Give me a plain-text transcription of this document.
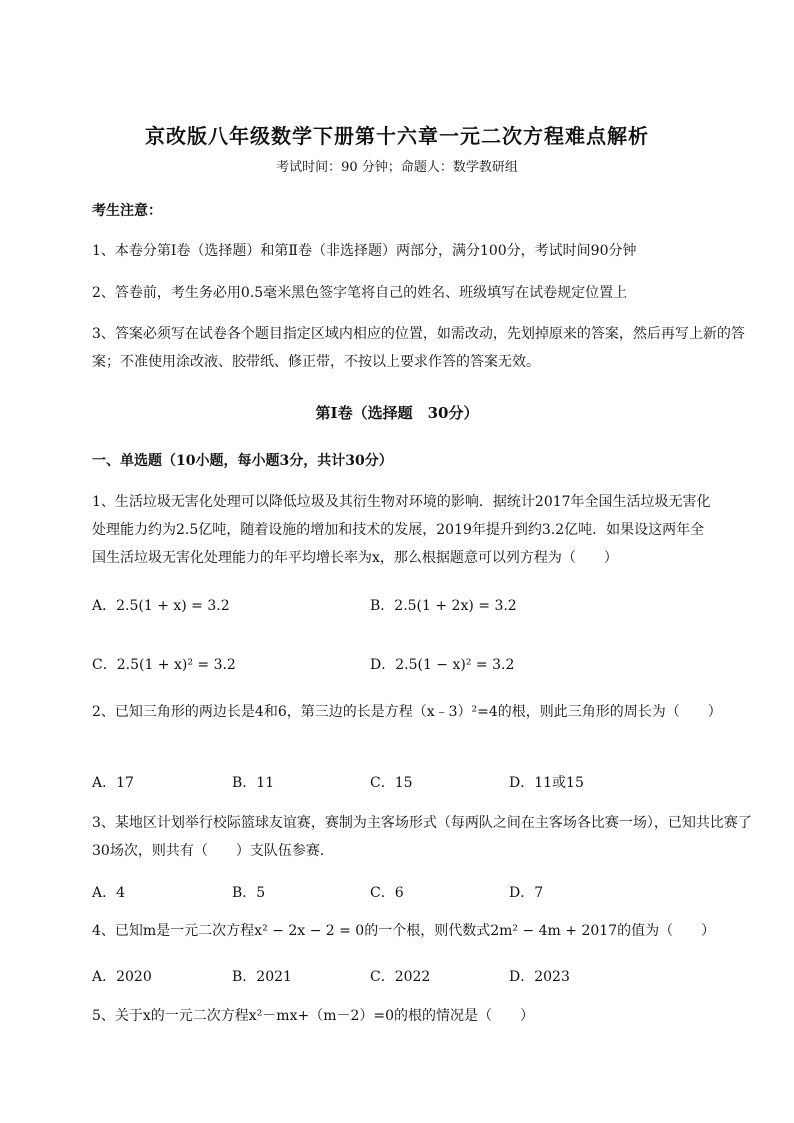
京改版八年级数学下册第十六章一元二次方程难点解析
考试时间：90 分钟；命题人：数学教研组
考生注意：
1、本卷分第Ⅰ卷（选择题）和第Ⅱ卷（非选择题）两部分，满分100分，考试时间90分钟
2、答卷前，考生务必用0.5毫米黑色签字笔将自己的姓名、班级填写在试卷规定位置上
3、答案必须写在试卷各个题目指定区域内相应的位置，如需改动，先划掉原来的答案，然后再写上新的答案；不准使用涂改液、胶带纸、修正带，不按以上要求作答的答案无效。
第Ⅰ卷（选择题　30分）
一、单选题（10小题，每小题3分，共计30分）
1、生活垃圾无害化处理可以降低垃圾及其衍生物对环境的影响．据统计2017年全国生活垃圾无害化处理能力约为2.5亿吨，随着设施的增加和技术的发展，2019年提升到约3.2亿吨．如果设这两年全国生活垃圾无害化处理能力的年平均增长率为x，那么根据题意可以列方程为（　　）
A．2.5(1 + x) = 3.2	B．2.5(1 + 2x) = 3.2
C．2.5(1 + x)² = 3.2	D．2.5(1 − x)² = 3.2
2、已知三角形的两边长是4和6，第三边的长是方程（x﹣3）²=4的根，则此三角形的周长为（　　）
A．17	B．11	C．15	D．11或15
3、某地区计划举行校际篮球友谊赛，赛制为主客场形式（每两队之间在主客场各比赛一场），已知共比赛了30场次，则共有（　　）支队伍参赛．
A．4	B．5	C．6	D．7
4、已知m是一元二次方程x² − 2x − 2 = 0的一个根，则代数式2m² − 4m + 2017的值为（　　）
A．2020	B．2021	C．2022	D．2023
5、关于x的一元二次方程x²－mx+（m－2）=0的根的情况是（　　）
